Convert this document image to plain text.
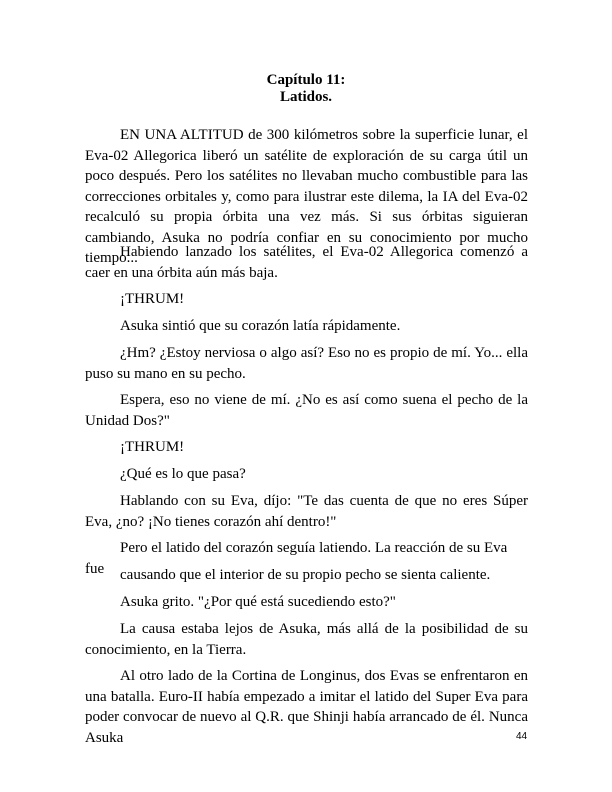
Capítulo 11:
Latidos.

EN UNA ALTITUD de 300 kilómetros sobre la superficie lunar, el Eva-02 Allegorica liberó un satélite de exploración de su carga útil un poco después. Pero los satélites no llevaban mucho combustible para las correcciones orbitales y, como para ilustrar este dilema, la IA del Eva-02 recalculó su propia órbita una vez más. Si sus órbitas siguieran cambiando, Asuka no podría confiar en su conocimiento por mucho tiempo...

Habiendo lanzado los satélites, el Eva-02 Allegorica comenzó a caer en una órbita aún más baja.

¡THRUM!

Asuka sintió que su corazón latía rápidamente.

¿Hm? ¿Estoy nerviosa o algo así? Eso no es propio de mí. Yo... ella puso su mano en su pecho.

Espera, eso no viene de mí. ¿No es así como suena el pecho de la Unidad Dos?"

¡THRUM!

¿Qué es lo que pasa?

Hablando con su Eva, díjo: "Te das cuenta de que no eres Súper Eva, ¿no? ¡No tienes corazón ahí dentro!"

Pero el latido del corazón seguía latiendo. La reacción de su Eva fue	causando que el interior de su propio pecho se sienta caliente.

Asuka grito. "¿Por qué está sucediendo esto?"

La causa estaba lejos de Asuka, más allá de la posibilidad de su conocimiento, en la Tierra.

Al otro lado de la Cortina de Longinus, dos Evas se enfrentaron en una batalla. Euro-II había empezado a imitar el latido del Super Eva para poder convocar de nuevo al Q.R. que Shinji había arrancado de él. Nunca Asuka	44
